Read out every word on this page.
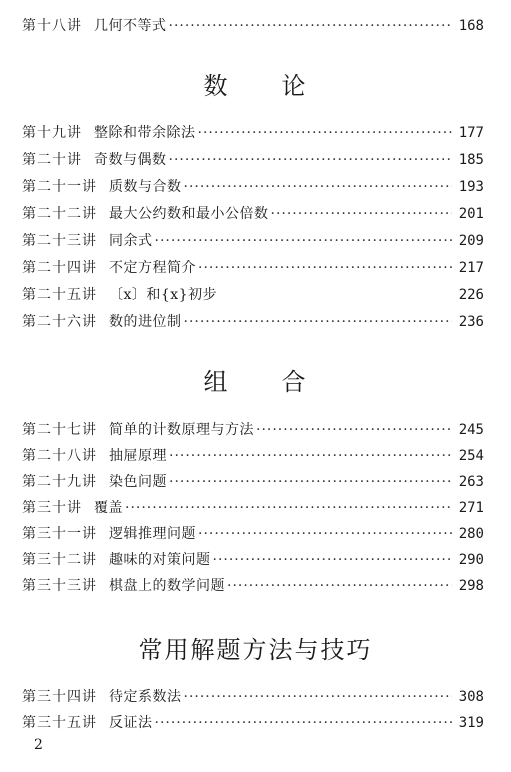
第十八讲 几何不等式 ·····	168
数　　论
第十九讲 整除和带余除法 ·····	177
第二十讲 奇数与偶数 ·····	185
第二十一讲 质数与合数 ·····	193
第二十二讲 最大公约数和最小公倍数 ·····	201
第二十三讲 同余式 ·····	209
第二十四讲 不定方程简介 ·····	217
第二十五讲 〔x〕和{x}初步	226
第二十六讲 数的进位制 ·····	236
组　　合
第二十七讲 简单的计数原理与方法 ·····	245
第二十八讲 抽屉原理 ·····	254
第二十九讲 染色问题 ·····	263
第三十讲 覆盖 ·····	271
第三十一讲 逻辑推理问题 ·····	280
第三十二讲 趣味的对策问题 ·····	290
第三十三讲 棋盘上的数学问题 ·····	298
常用解题方法与技巧
第三十四讲 待定系数法 ·····	308
第三十五讲 反证法 ·····	319
2
